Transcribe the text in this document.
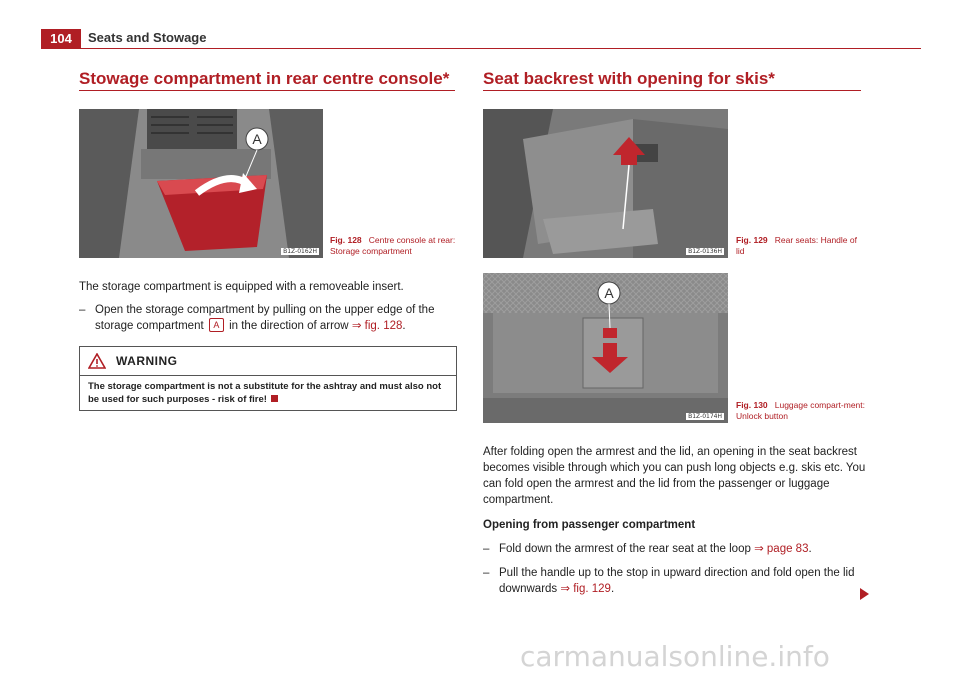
104	Seats and Stowage
Stowage compartment in rear centre console*
A
B1Z-0162H
Fig. 128 Centre console at rear: Storage compartment
The storage compartment is equipped with a removeable insert.
– Open the storage compartment by pulling on the upper edge of the storage compartment A in the direction of arrow ⇒ fig. 128.
WARNING
The storage compartment is not a substitute for the ashtray and must also not be used for such purposes - risk of fire!
Seat backrest with opening for skis*
B1Z-0136H
Fig. 129 Rear seats: Handle of lid
A
B1Z-0174H
Fig. 130 Luggage compart-ment: Unlock button
After folding open the armrest and the lid, an opening in the seat backrest becomes visible through which you can push long objects e.g. skis etc. You can fold open the armrest and the lid from the passenger or luggage compartment.
Opening from passenger compartment
– Fold down the armrest of the rear seat at the loop ⇒ page 83.
– Pull the handle up to the stop in upward direction and fold open the lid downwards ⇒ fig. 129.
carmanualsonline.info
